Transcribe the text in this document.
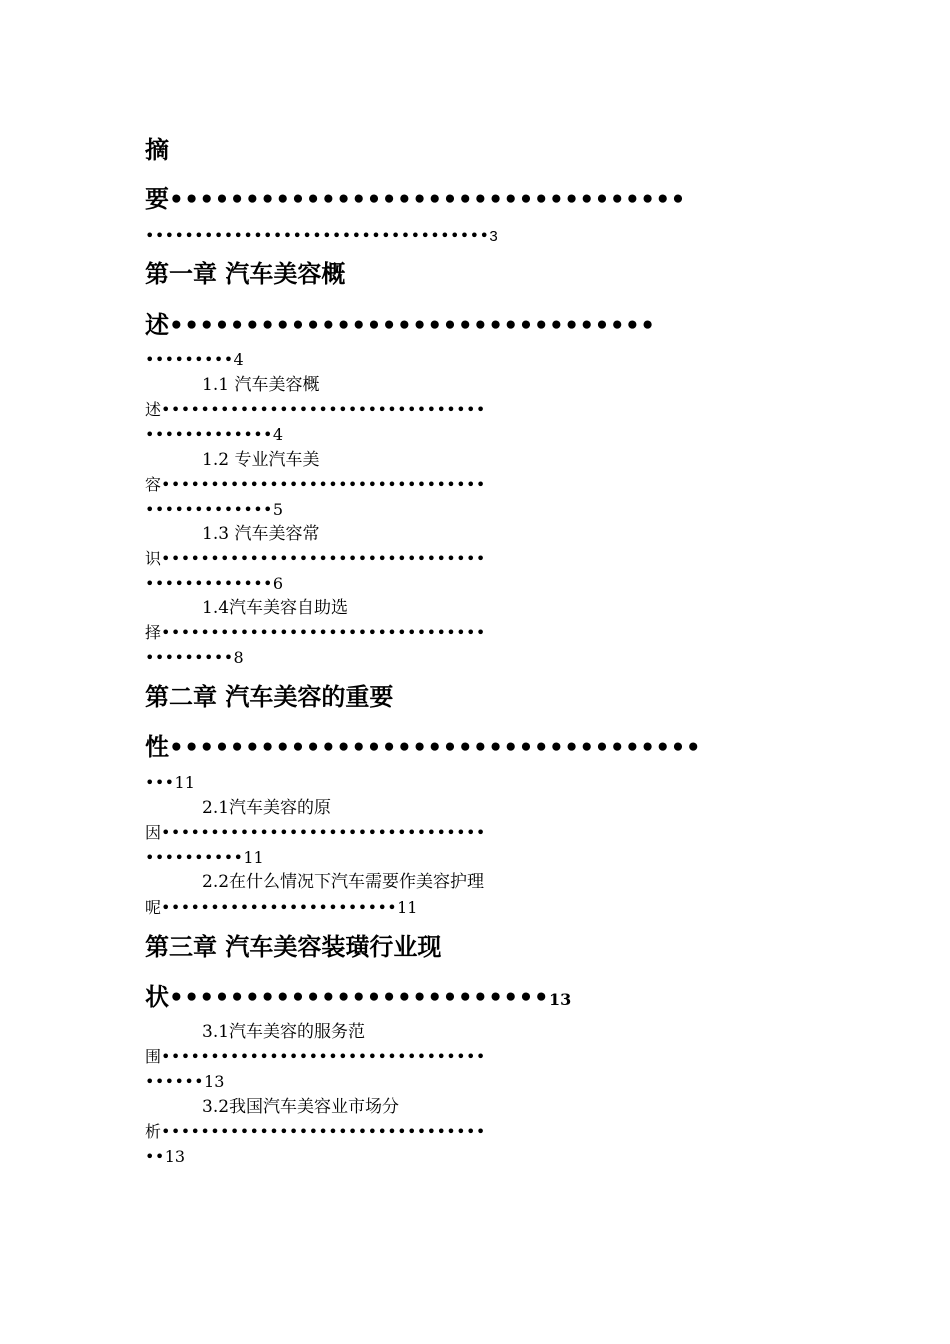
摘
要••••••••••••••••••••••••••••••••••
•••••••••••••••••••••••••••••••••••3
第一章 汽车美容概
述••••••••••••••••••••••••••••••••
•••••••••4
1.1 汽车美容概
述•••••••••••••••••••••••••••••••••
•••••••••••••4
1.2 专业汽车美
容•••••••••••••••••••••••••••••••••
•••••••••••••5
1.3 汽车美容常
识•••••••••••••••••••••••••••••••••
•••••••••••••6
1.4汽车美容自助选
择•••••••••••••••••••••••••••••••••
•••••••••8
第二章 汽车美容的重要
性•••••••••••••••••••••••••••••••••••
•••11
2.1汽车美容的原
因•••••••••••••••••••••••••••••••••
••••••••••11
2.2在什么情况下汽车需要作美容护理
呢••••••••••••••••••••••••11
第三章 汽车美容装璜行业现
状•••••••••••••••••••••••••13
3.1汽车美容的服务范
围•••••••••••••••••••••••••••••••••
••••••13
3.2我国汽车美容业市场分
析•••••••••••••••••••••••••••••••••
••13
